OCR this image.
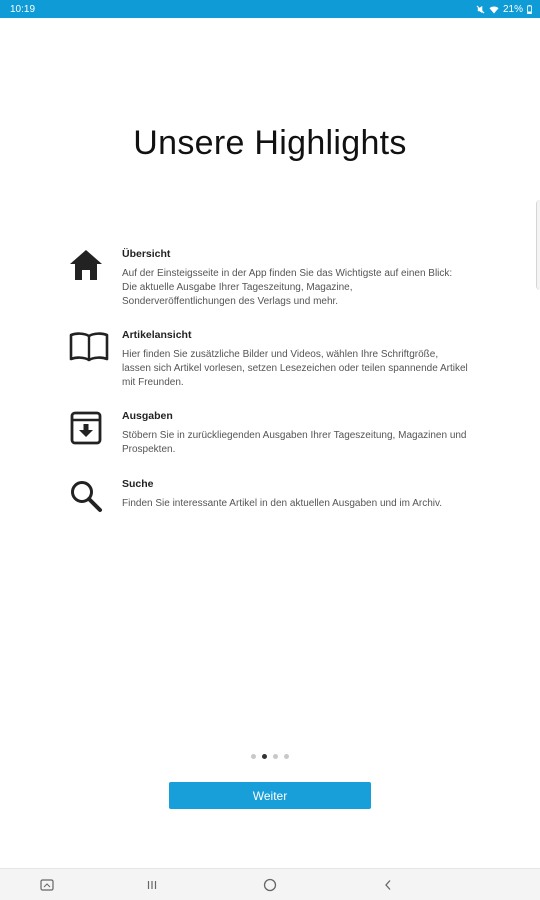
10:19	21%
Unsere Highlights
Übersicht
Auf der Einsteigsseite in der App finden Sie das Wichtigste auf einen Blick: Die aktuelle Ausgabe Ihrer Tageszeitung, Magazine, Sonderveröffentlichungen des Verlags und mehr.
Artikelansicht
Hier finden Sie zusätzliche Bilder und Videos, wählen Ihre Schriftgröße, lassen sich Artikel vorlesen, setzen Lesezeichen oder teilen spannende Artikel mit Freunden.
Ausgaben
Stöbern Sie in zurückliegenden Ausgaben Ihrer Tageszeitung, Magazinen und Prospekten.
Suche
Finden Sie interessante Artikel in den aktuellen Ausgaben und im Archiv.
Weiter
